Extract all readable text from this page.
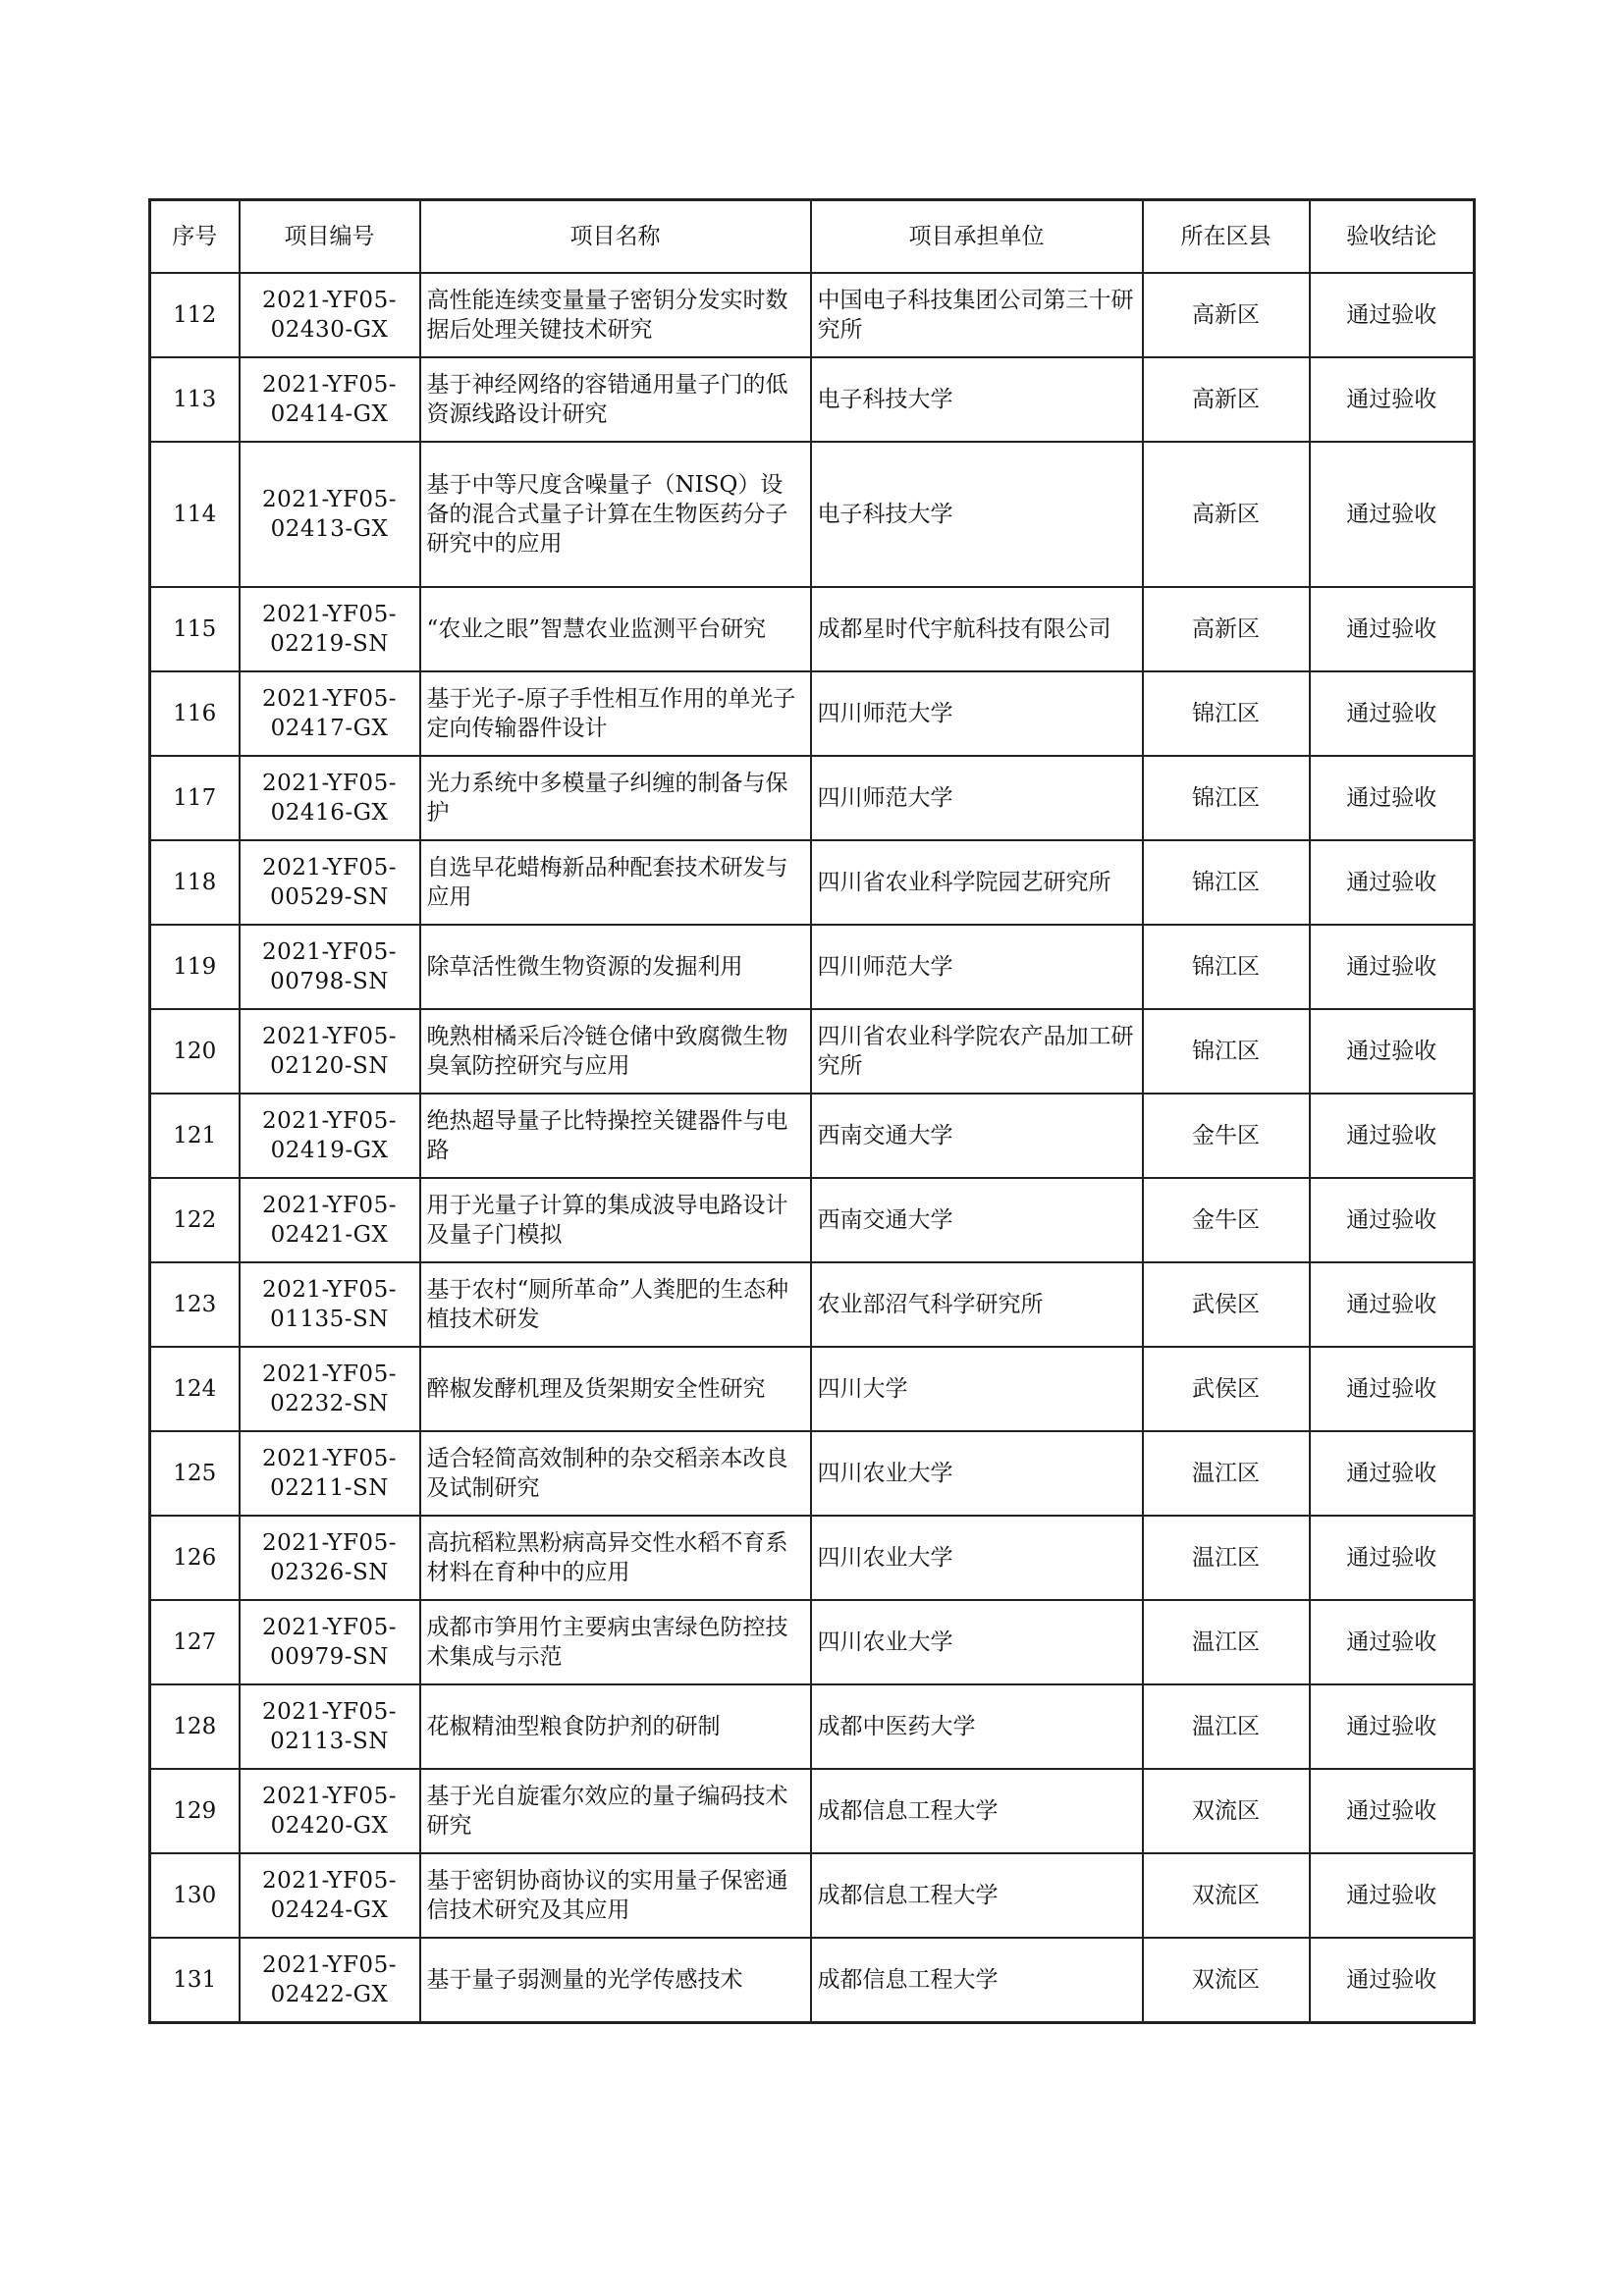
序号	项目编号	项目名称	项目承担单位	所在区县	验收结论
112	2021-YF05-02430-GX	高性能连续变量量子密钥分发实时数据后处理关键技术研究	中国电子科技集团公司第三十研究所	高新区	通过验收
113	2021-YF05-02414-GX	基于神经网络的容错通用量子门的低资源线路设计研究	电子科技大学	高新区	通过验收
114	2021-YF05-02413-GX	基于中等尺度含噪量子（NISQ）设备的混合式量子计算在生物医药分子研究中的应用	电子科技大学	高新区	通过验收
115	2021-YF05-02219-SN	“农业之眼”智慧农业监测平台研究	成都星时代宇航科技有限公司	高新区	通过验收
116	2021-YF05-02417-GX	基于光子-原子手性相互作用的单光子定向传输器件设计	四川师范大学	锦江区	通过验收
117	2021-YF05-02416-GX	光力系统中多模量子纠缠的制备与保护	四川师范大学	锦江区	通过验收
118	2021-YF05-00529-SN	自选早花蜡梅新品种配套技术研发与应用	四川省农业科学院园艺研究所	锦江区	通过验收
119	2021-YF05-00798-SN	除草活性微生物资源的发掘利用	四川师范大学	锦江区	通过验收
120	2021-YF05-02120-SN	晚熟柑橘采后冷链仓储中致腐微生物臭氧防控研究与应用	四川省农业科学院农产品加工研究所	锦江区	通过验收
121	2021-YF05-02419-GX	绝热超导量子比特操控关键器件与电路	西南交通大学	金牛区	通过验收
122	2021-YF05-02421-GX	用于光量子计算的集成波导电路设计及量子门模拟	西南交通大学	金牛区	通过验收
123	2021-YF05-01135-SN	基于农村“厕所革命”人粪肥的生态种植技术研发	农业部沼气科学研究所	武侯区	通过验收
124	2021-YF05-02232-SN	醉椒发酵机理及货架期安全性研究	四川大学	武侯区	通过验收
125	2021-YF05-02211-SN	适合轻简高效制种的杂交稻亲本改良及试制研究	四川农业大学	温江区	通过验收
126	2021-YF05-02326-SN	高抗稻粒黑粉病高异交性水稻不育系材料在育种中的应用	四川农业大学	温江区	通过验收
127	2021-YF05-00979-SN	成都市笋用竹主要病虫害绿色防控技术集成与示范	四川农业大学	温江区	通过验收
128	2021-YF05-02113-SN	花椒精油型粮食防护剂的研制	成都中医药大学	温江区	通过验收
129	2021-YF05-02420-GX	基于光自旋霍尔效应的量子编码技术研究	成都信息工程大学	双流区	通过验收
130	2021-YF05-02424-GX	基于密钥协商协议的实用量子保密通信技术研究及其应用	成都信息工程大学	双流区	通过验收
131	2021-YF05-02422-GX	基于量子弱测量的光学传感技术	成都信息工程大学	双流区	通过验收
